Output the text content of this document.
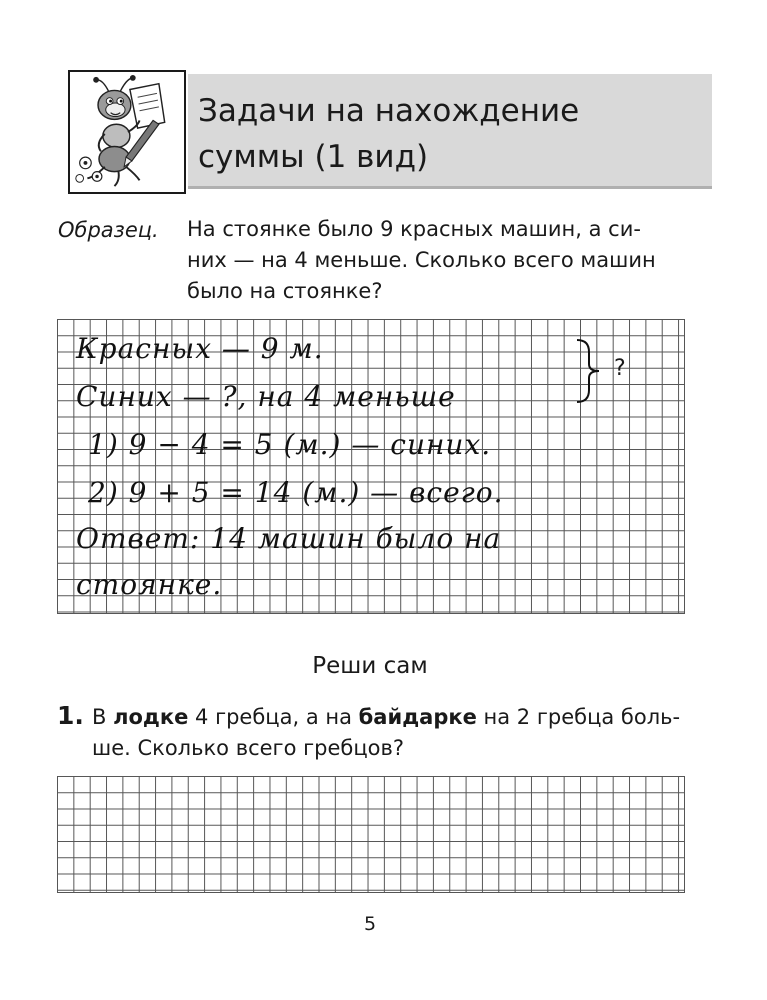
Задачи на нахождение
суммы (1 вид)
Образец. На стоянке было 9 красных машин, а си-
них — на 4 меньше. Сколько всего машин
было на стоянке?
Красных — 9 м.
Синих — ?, на 4 меньше
1) 9 − 4 = 5 (м.) — синих.
2) 9 + 5 = 14 (м.) — всего.
Ответ: 14 машин было на
стоянке.
?
Реши сам
1. В лодке 4 гребца, а на байдарке на 2 гребца боль-
ше. Сколько всего гребцов?
5
